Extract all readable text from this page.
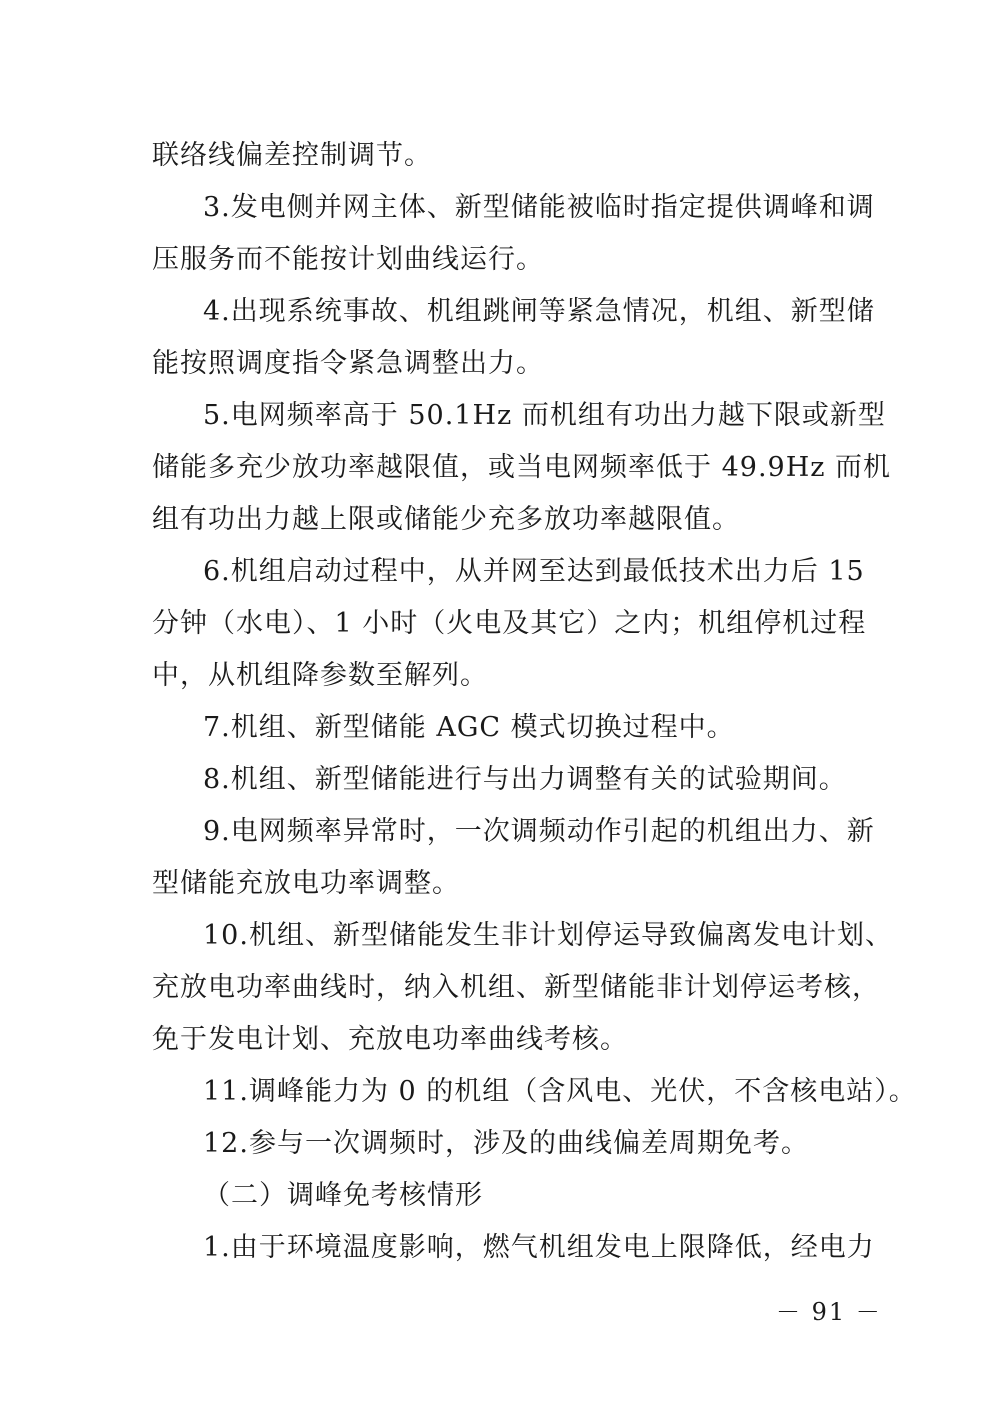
联络线偏差控制调节。
3.发电侧并网主体、新型储能被临时指定提供调峰和调
压服务而不能按计划曲线运行。
4.出现系统事故、机组跳闸等紧急情况，机组、新型储
能按照调度指令紧急调整出力。
5.电网频率高于 50.1Hz 而机组有功出力越下限或新型
储能多充少放功率越限值，或当电网频率低于 49.9Hz 而机
组有功出力越上限或储能少充多放功率越限值。
6.机组启动过程中，从并网至达到最低技术出力后 15
分钟（水电）、1 小时（火电及其它）之内；机组停机过程
中，从机组降参数至解列。
7.机组、新型储能 AGC 模式切换过程中。
8.机组、新型储能进行与出力调整有关的试验期间。
9.电网频率异常时，一次调频动作引起的机组出力、新
型储能充放电功率调整。
10.机组、新型储能发生非计划停运导致偏离发电计划、
充放电功率曲线时，纳入机组、新型储能非计划停运考核，
免于发电计划、充放电功率曲线考核。
11.调峰能力为 0 的机组（含风电、光伏，不含核电站）。
12.参与一次调频时，涉及的曲线偏差周期免考。
（二）调峰免考核情形
1.由于环境温度影响，燃气机组发电上限降低，经电力
－ 91 －
